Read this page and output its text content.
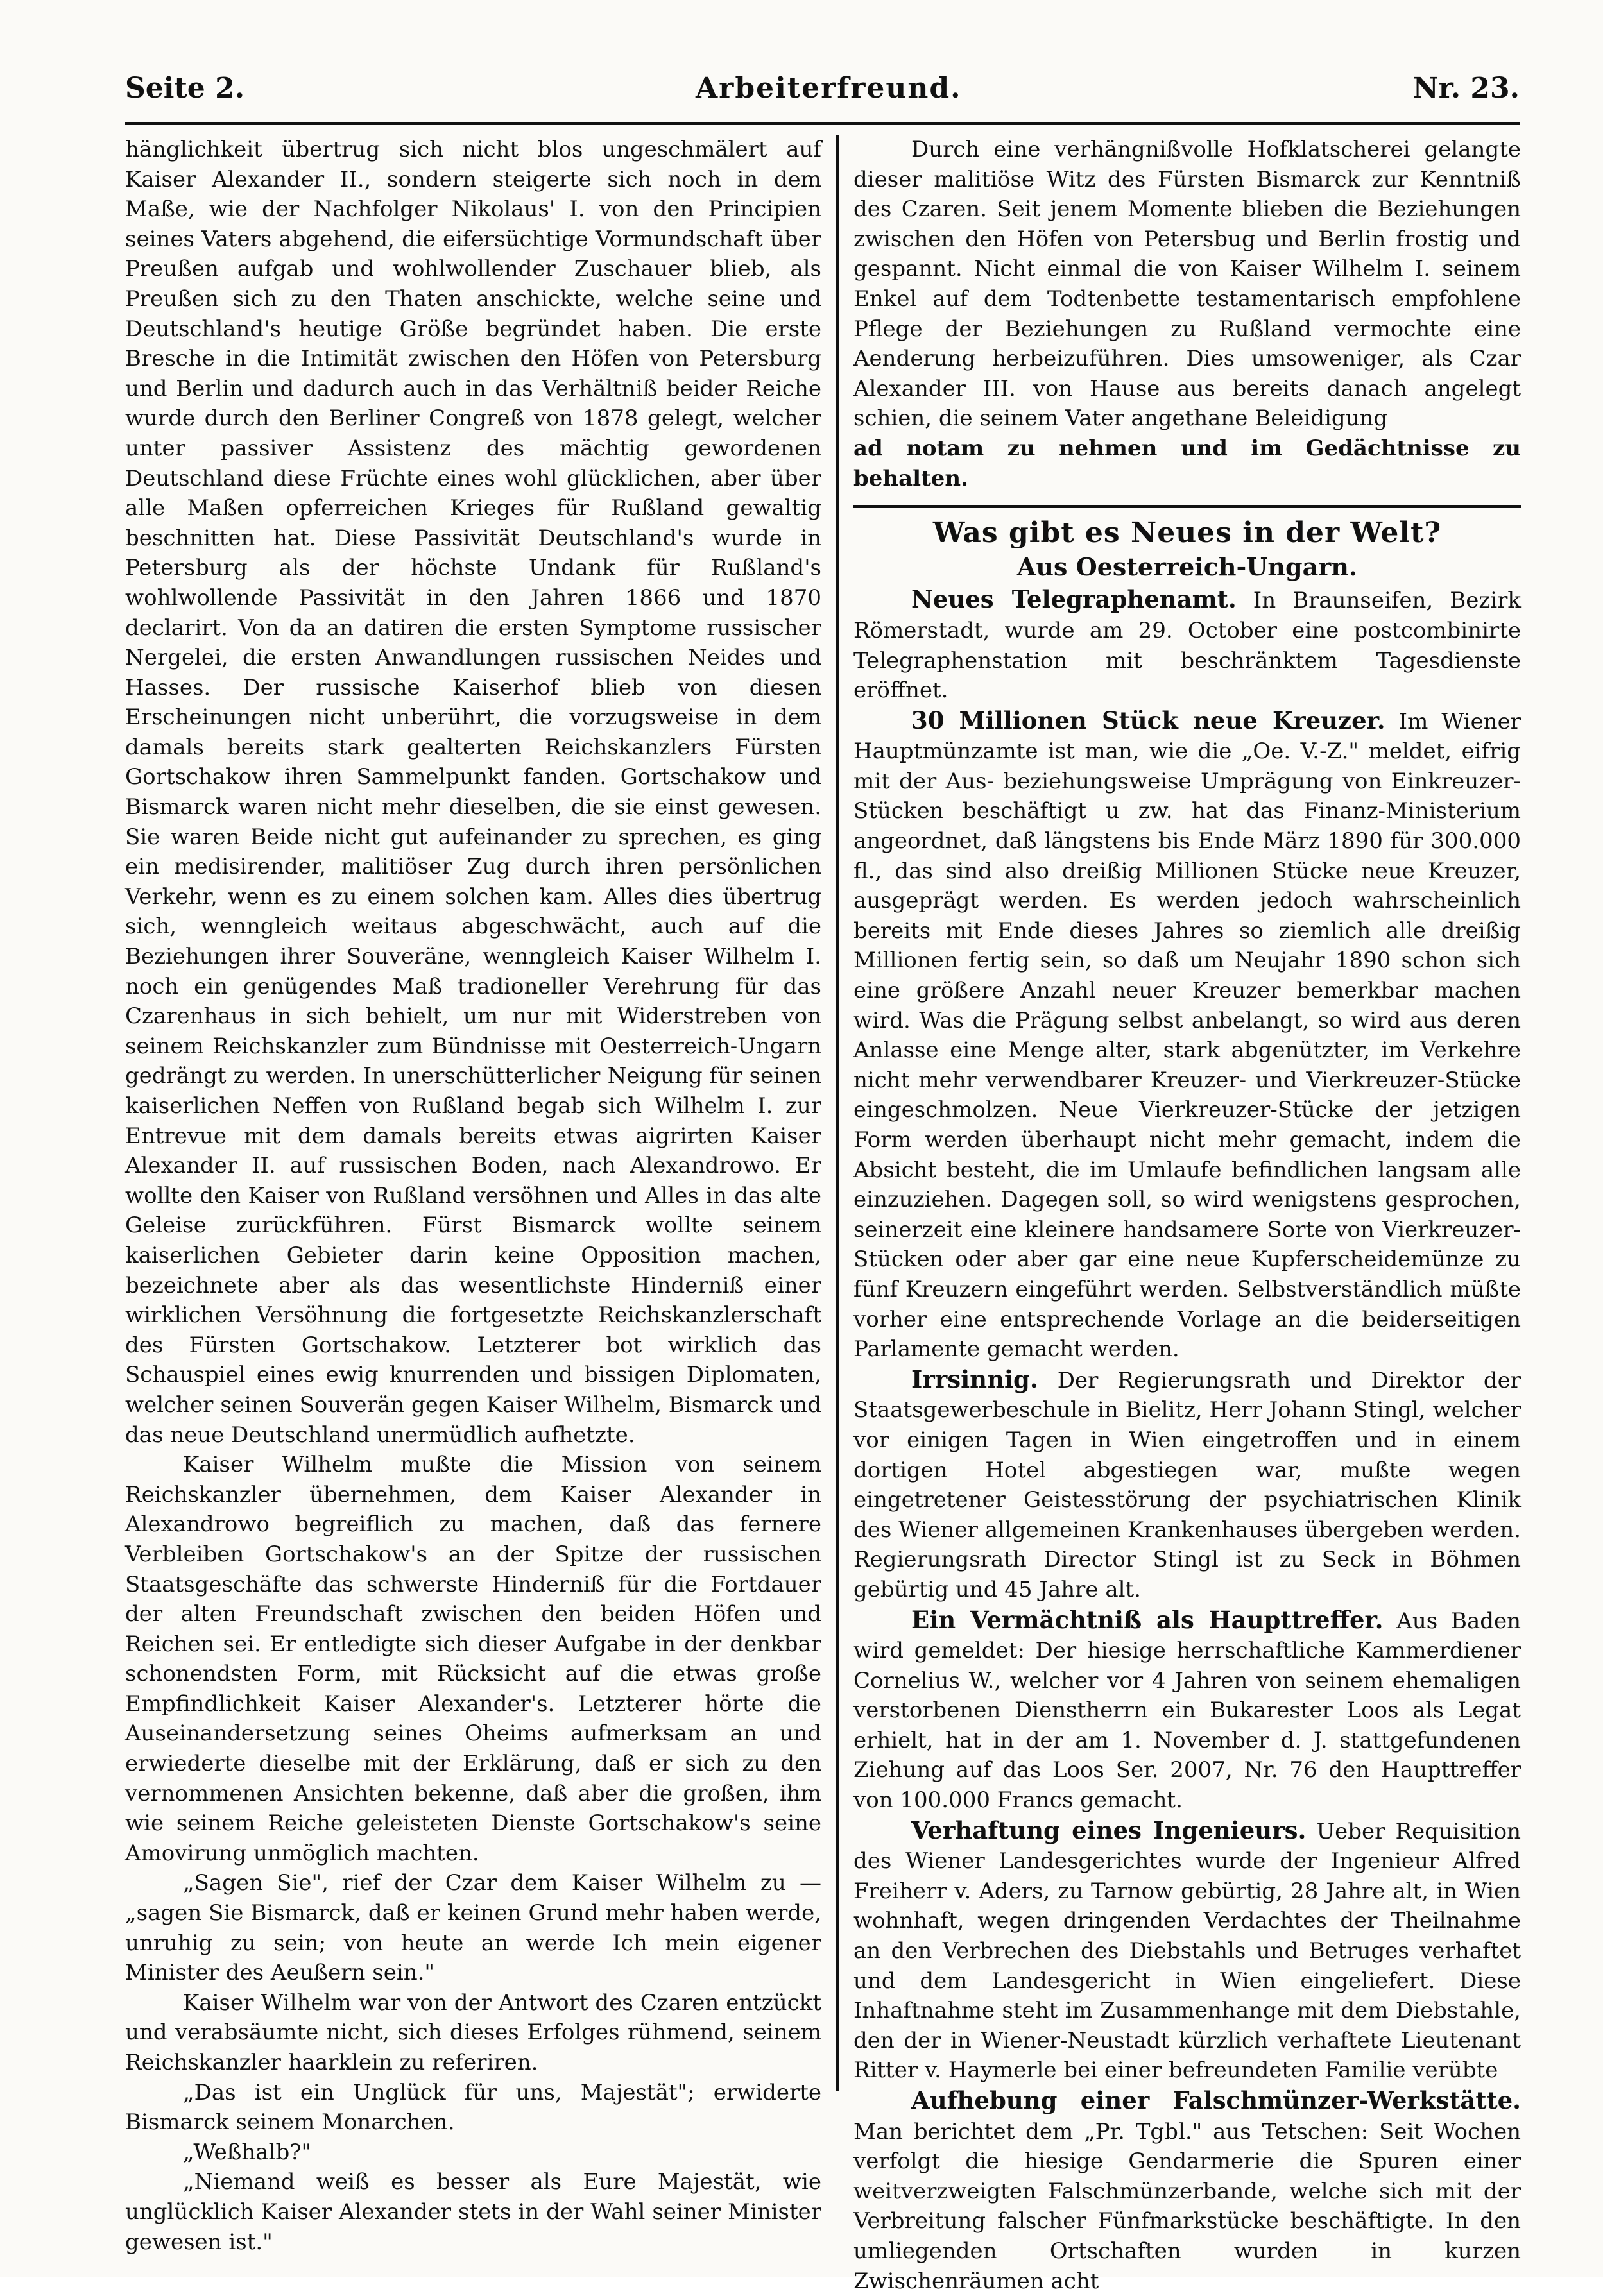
Seite 2.	Arbeiterfreund.	Nr. 23.

hänglichkeit übertrug sich nicht blos ungeschmälert auf Kaiser Alexander II., sondern steigerte sich noch in dem Maße, wie der Nachfolger Nikolaus' I. von den Principien seines Vaters abgehend, die eifersüchtige Vormundschaft über Preußen aufgab und wohlwollender Zuschauer blieb, als Preußen sich zu den Thaten anschickte, welche seine und Deutschland's heutige Größe begründet haben. Die erste Bresche in die Intimität zwischen den Höfen von Petersburg und Berlin und dadurch auch in das Verhältniß beider Reiche wurde durch den Berliner Congreß von 1878 gelegt, welcher unter passiver Assistenz des mächtig gewordenen Deutschland diese Früchte eines wohl glücklichen, aber über alle Maßen opferreichen Krieges für Rußland gewaltig beschnitten hat. Diese Passivität Deutschland's wurde in Petersburg als der höchste Undank für Rußland's wohlwollende Passivität in den Jahren 1866 und 1870 declarirt. Von da an datiren die ersten Symptome russischer Nergelei, die ersten Anwandlungen russischen Neides und Hasses. Der russische Kaiserhof blieb von diesen Erscheinungen nicht unberührt, die vorzugsweise in dem damals bereits stark gealterten Reichskanzlers Fürsten Gortschakow ihren Sammelpunkt fanden. Gortschakow und Bismarck waren nicht mehr dieselben, die sie einst gewesen. Sie waren Beide nicht gut aufeinander zu sprechen, es ging ein medisirender, malitiöser Zug durch ihren persönlichen Verkehr, wenn es zu einem solchen kam. Alles dies übertrug sich, wenngleich weitaus abgeschwächt, auch auf die Beziehungen ihrer Souveräne, wenngleich Kaiser Wilhelm I. noch ein genügendes Maß tradioneller Verehrung für das Czarenhaus in sich behielt, um nur mit Widerstreben von seinem Reichskanzler zum Bündnisse mit Oesterreich-Ungarn gedrängt zu werden. In unerschütterlicher Neigung für seinen kaiserlichen Neffen von Rußland begab sich Wilhelm I. zur Entrevue mit dem damals bereits etwas aigrirten Kaiser Alexander II. auf russischen Boden, nach Alexandrowo. Er wollte den Kaiser von Rußland versöhnen und Alles in das alte Geleise zurückführen. Fürst Bismarck wollte seinem kaiserlichen Gebieter darin keine Opposition machen, bezeichnete aber als das wesentlichste Hinderniß einer wirklichen Versöhnung die fortgesetzte Reichskanzlerschaft des Fürsten Gortschakow. Letzterer bot wirklich das Schauspiel eines ewig knurrenden und bissigen Diplomaten, welcher seinen Souverän gegen Kaiser Wilhelm, Bismarck und das neue Deutschland unermüdlich aufhetzte.

Kaiser Wilhelm mußte die Mission von seinem Reichskanzler übernehmen, dem Kaiser Alexander in Alexandrowo begreiflich zu machen, daß das fernere Verbleiben Gortschakow's an der Spitze der russischen Staatsgeschäfte das schwerste Hinderniß für die Fortdauer der alten Freundschaft zwischen den beiden Höfen und Reichen sei. Er entledigte sich dieser Aufgabe in der denkbar schonendsten Form, mit Rücksicht auf die etwas große Empfindlichkeit Kaiser Alexander's. Letzterer hörte die Auseinandersetzung seines Oheims aufmerksam an und erwiederte dieselbe mit der Erklärung, daß er sich zu den vernommenen Ansichten bekenne, daß aber die großen, ihm wie seinem Reiche geleisteten Dienste Gortschakow's seine Amovirung unmöglich machten.

„Sagen Sie", rief der Czar dem Kaiser Wilhelm zu — „sagen Sie Bismarck, daß er keinen Grund mehr haben werde, unruhig zu sein; von heute an werde Ich mein eigener Minister des Aeußern sein."

Kaiser Wilhelm war von der Antwort des Czaren entzückt und verabsäumte nicht, sich dieses Erfolges rühmend, seinem Reichskanzler haarklein zu referiren.

„Das ist ein Unglück für uns, Majestät"; erwiderte Bismarck seinem Monarchen.

„Weßhalb?"

„Niemand weiß es besser als Eure Majestät, wie unglücklich Kaiser Alexander stets in der Wahl seiner Minister gewesen ist."

Durch eine verhängnißvolle Hofklatscherei gelangte dieser malitiöse Witz des Fürsten Bismarck zur Kenntniß des Czaren. Seit jenem Momente blieben die Beziehungen zwischen den Höfen von Petersbug und Berlin frostig und gespannt. Nicht einmal die von Kaiser Wilhelm I. seinem Enkel auf dem Todtenbette testamentarisch empfohlene Pflege der Beziehungen zu Rußland vermochte eine Aenderung herbeizuführen. Dies umsoweniger, als Czar Alexander III. von Hause aus bereits danach angelegt schien, die seinem Vater angethane Beleidigung

ad notam zu nehmen und im Gedächtnisse zu behalten.

Was gibt es Neues in der Welt?
Aus Oesterreich-Ungarn.

Neues Telegraphenamt. In Braunseifen, Bezirk Römerstadt, wurde am 29. October eine postcombinirte Telegraphenstation mit beschränktem Tagesdienste eröffnet.

30 Millionen Stück neue Kreuzer. Im Wiener Hauptmünzamte ist man, wie die „Oe. V.-Z." meldet, eifrig mit der Aus- beziehungsweise Umprägung von Einkreuzer-Stücken beschäftigt u zw. hat das Finanz-Ministerium angeordnet, daß längstens bis Ende März 1890 für 300.000 fl., das sind also dreißig Millionen Stücke neue Kreuzer, ausgeprägt werden. Es werden jedoch wahrscheinlich bereits mit Ende dieses Jahres so ziemlich alle dreißig Millionen fertig sein, so daß um Neujahr 1890 schon sich eine größere Anzahl neuer Kreuzer bemerkbar machen wird. Was die Prägung selbst anbelangt, so wird aus deren Anlasse eine Menge alter, stark abgenützter, im Verkehre nicht mehr verwendbarer Kreuzer- und Vierkreuzer-Stücke eingeschmolzen. Neue Vierkreuzer-Stücke der jetzigen Form werden überhaupt nicht mehr gemacht, indem die Absicht besteht, die im Umlaufe befindlichen langsam alle einzuziehen. Dagegen soll, so wird wenigstens gesprochen, seinerzeit eine kleinere handsamere Sorte von Vierkreuzer-Stücken oder aber gar eine neue Kupferscheidemünze zu fünf Kreuzern eingeführt werden. Selbstverständlich müßte vorher eine entsprechende Vorlage an die beiderseitigen Parlamente gemacht werden.

Irrsinnig. Der Regierungsrath und Direktor der Staatsgewerbeschule in Bielitz, Herr Johann Stingl, welcher vor einigen Tagen in Wien eingetroffen und in einem dortigen Hotel abgestiegen war, mußte wegen eingetretener Geistesstörung der psychiatrischen Klinik des Wiener allgemeinen Krankenhauses übergeben werden. Regierungsrath Director Stingl ist zu Seck in Böhmen gebürtig und 45 Jahre alt.

Ein Vermächtniß als Haupttreffer. Aus Baden wird gemeldet: Der hiesige herrschaftliche Kammerdiener Cornelius W., welcher vor 4 Jahren von seinem ehemaligen verstorbenen Dienstherrn ein Bukarester Loos als Legat erhielt, hat in der am 1. November d. J. stattgefundenen Ziehung auf das Loos Ser. 2007, Nr. 76 den Haupttreffer von 100.000 Francs gemacht.

Verhaftung eines Ingenieurs. Ueber Requisition des Wiener Landesgerichtes wurde der Ingenieur Alfred Freiherr v. Aders, zu Tarnow gebürtig, 28 Jahre alt, in Wien wohnhaft, wegen dringenden Verdachtes der Theilnahme an den Verbrechen des Diebstahls und Betruges verhaftet und dem Landesgericht in Wien eingeliefert. Diese Inhaftnahme steht im Zusammenhange mit dem Diebstahle, den der in Wiener-Neustadt kürzlich verhaftete Lieutenant Ritter v. Haymerle bei einer befreundeten Familie verübte

Aufhebung einer Falschmünzer-Werkstätte. Man berichtet dem „Pr. Tgbl." aus Tetschen: Seit Wochen verfolgt die hiesige Gendarmerie die Spuren einer weitverzweigten Falschmünzerbande, welche sich mit der Verbreitung falscher Fünfmarkstücke beschäftigte. In den umliegenden Ortschaften wurden in kurzen Zwischenräumen acht
